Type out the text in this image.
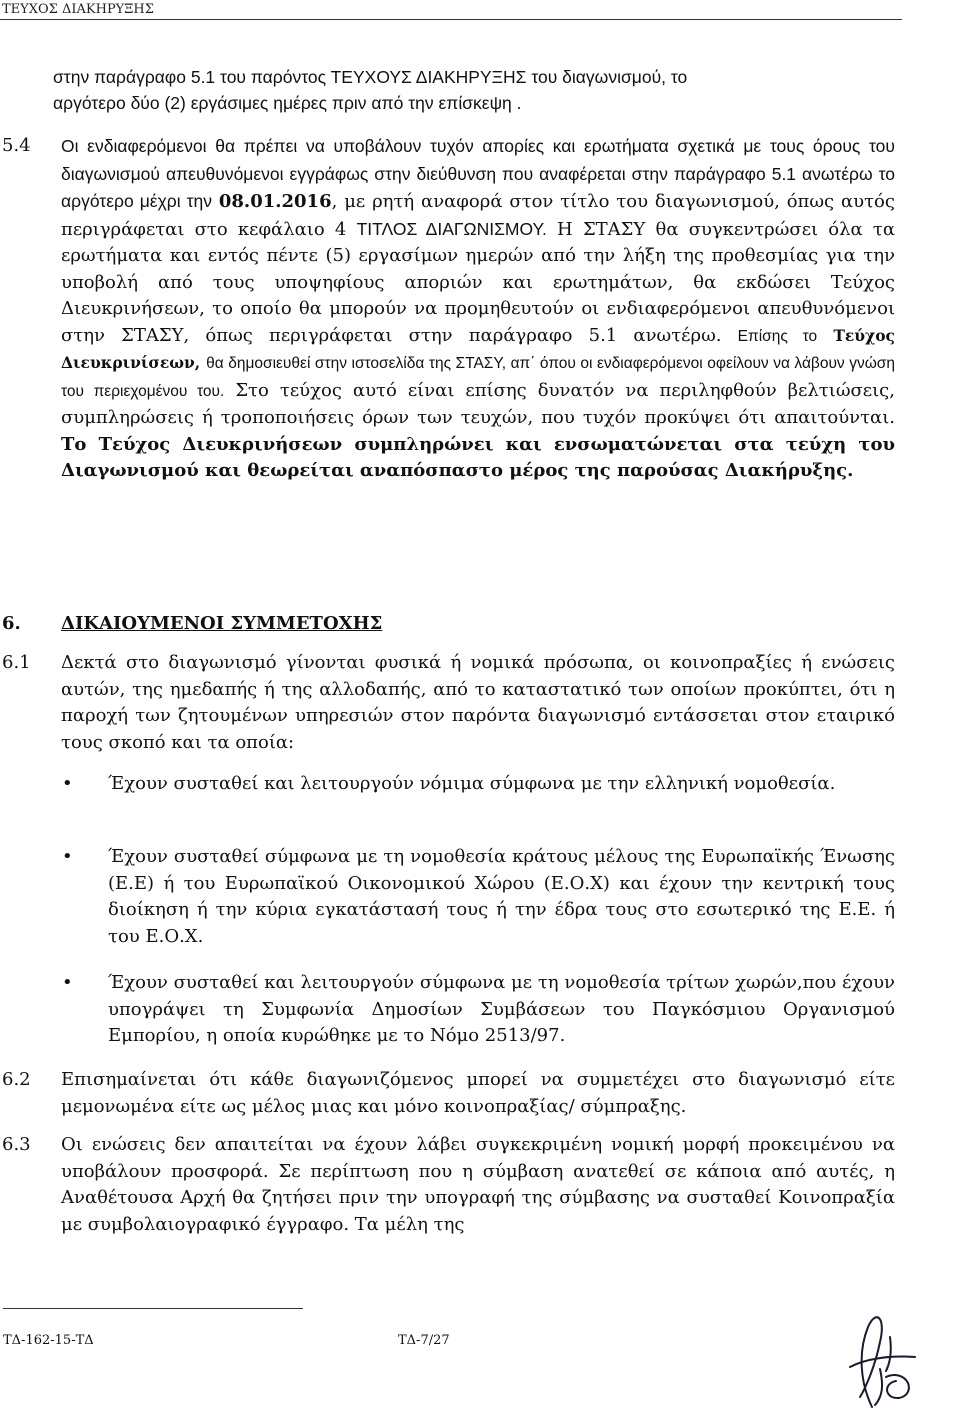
ΤΕΥΧΟΣ ΔΙΑΚΗΡΥΞΗΣ

στην παράγραφο 5.1 του παρόντος ΤΕΥΧΟΥΣ ΔΙΑΚΗΡΥΞΗΣ του διαγωνισμού, το

αργότερο δύο (2) εργάσιμες ημέρες πριν από την επίσκεψη .

5.4 Οι ενδιαφερόμενοι θα πρέπει να υποβάλουν τυχόν απορίες και ερωτήματα σχετικά με τους όρους του διαγωνισμού απευθυνόμενοι εγγράφως στην διεύθυνση που αναφέρεται στην παράγραφο 5.1 ανωτέρω το αργότερο μέχρι την 08.01.2016, με ρητή αναφορά στον τίτλο του διαγωνισμού, όπως αυτός περιγράφεται στο κεφάλαιο 4 ΤΙΤΛΟΣ ΔΙΑΓΩΝΙΣΜΟΥ. Η ΣΤΑΣΥ θα συγκεντρώσει όλα τα ερωτήματα και εντός πέντε (5) εργασίμων ημερών από την λήξη της προθεσμίας για την υποβολή από τους υποψηφίους αποριών και ερωτημάτων, θα εκδώσει Τεύχος Διευκρινήσεων, το οποίο θα μπορούν να προμηθευτούν οι ενδιαφερόμενοι απευθυνόμενοι στην ΣΤΑΣΥ, όπως περιγράφεται στην παράγραφο 5.1 ανωτέρω. Επίσης το Τεύχος Διευκρινίσεων, θα δημοσιευθεί στην ιστοσελίδα της ΣΤΑΣΥ, απ΄ όπου οι ενδιαφερόμενοι οφείλουν να λάβουν γνώση του περιεχομένου του. Στο τεύχος αυτό είναι επίσης δυνατόν να περιληφθούν βελτιώσεις, συμπληρώσεις ή τροποποιήσεις όρων των τευχών, που τυχόν προκύψει ότι απαιτούνται. Το Τεύχος Διευκρινήσεων συμπληρώνει και ενσωματώνεται στα τεύχη του Διαγωνισμού και θεωρείται αναπόσπαστο μέρος της παρούσας Διακήρυξης.

6. ΔΙΚΑΙΟΥΜΕΝΟΙ ΣΥΜΜΕΤΟΧΗΣ
6.1 Δεκτά στο διαγωνισμό γίνονται φυσικά ή νομικά πρόσωπα, οι κοινοπραξίες ή ενώσεις αυτών, της ημεδαπής ή της αλλοδαπής, από το καταστατικό των οποίων προκύπτει, ότι η παροχή των ζητουμένων υπηρεσιών στον παρόντα διαγωνισμό εντάσσεται στον εταιρικό τους σκοπό και τα οποία:

• Έχουν συσταθεί και λειτουργούν νόμιμα σύμφωνα με την ελληνική νομοθεσία.

• Έχουν συσταθεί σύμφωνα με τη νομοθεσία κράτους μέλους της Ευρωπαϊκής Ένωσης (Ε.Ε) ή του Ευρωπαϊκού Οικονομικού Χώρου (Ε.Ο.Χ) και έχουν την κεντρική τους διοίκηση ή την κύρια εγκατάστασή τους ή την έδρα τους στο εσωτερικό της Ε.Ε. ή του Ε.Ο.Χ.

• Έχουν συσταθεί και λειτουργούν σύμφωνα με τη νομοθεσία τρίτων χωρών,που έχουν υπογράψει τη Συμφωνία Δημοσίων Συμβάσεων του Παγκόσμιου Οργανισμού Εμπορίου, η οποία κυρώθηκε με το Νόμο 2513/97.

6.2 Επισημαίνεται ότι κάθε διαγωνιζόμενος μπορεί να συμμετέχει στο διαγωνισμό είτε μεμονωμένα είτε ως μέλος μιας και μόνο κοινοπραξίας/ σύμπραξης.

6.3 Οι ενώσεις δεν απαιτείται να έχουν λάβει συγκεκριμένη νομική μορφή προκειμένου να υποβάλουν προσφορά. Σε περίπτωση που η σύμβαση ανατεθεί σε κάποια από αυτές, η Αναθέτουσα Αρχή θα ζητήσει πριν την υπογραφή της σύμβασης να συσταθεί Κοινοπραξία με συμβολαιογραφικό έγγραφο. Τα μέλη της

ΤΔ-162-15-ΤΔ	ΤΔ-7/27
